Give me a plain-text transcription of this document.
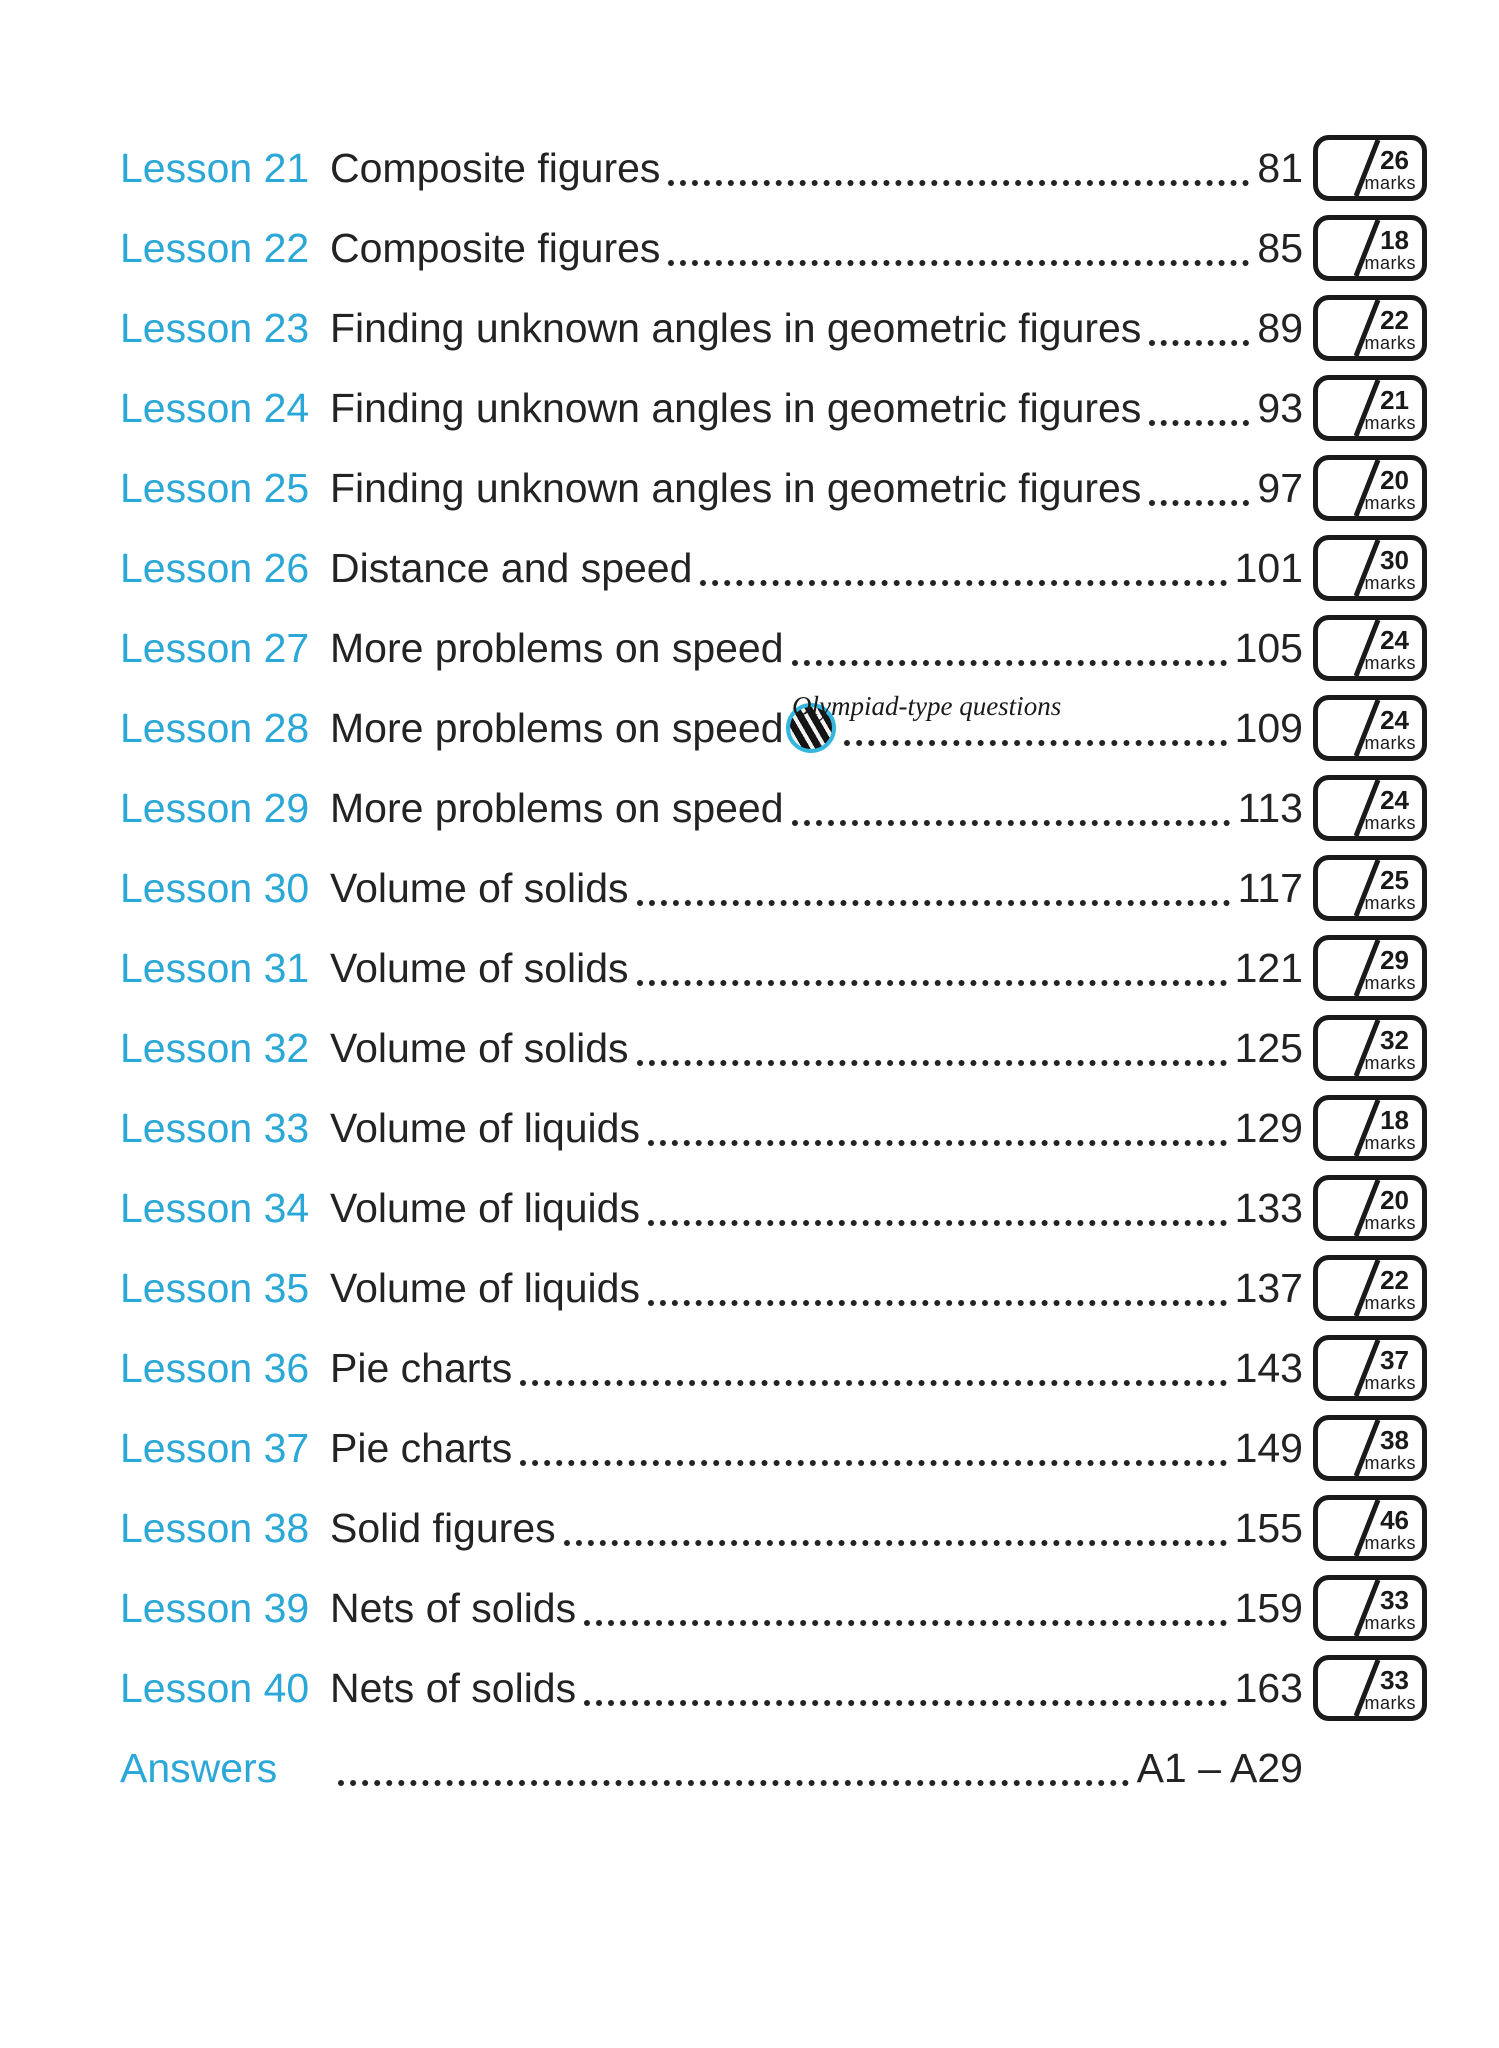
Lesson 21 Composite figures	81	26
marks
Lesson 22 Composite figures	85	18
marks
Lesson 23 Finding unknown angles in geometric figures	89	22
marks
Lesson 24 Finding unknown angles in geometric figures	93	21
marks
Lesson 25 Finding unknown angles in geometric figures	97	20
marks
Lesson 26 Distance and speed	101	30
marks
Lesson 27 More problems on speed	105	24
marks
Lesson 28 More problems on speed Olympiad-type questions	109	24
marks
Lesson 29 More problems on speed	113	24
marks
Lesson 30 Volume of solids	117	25
marks
Lesson 31 Volume of solids	121	29
marks
Lesson 32 Volume of solids	125	32
marks
Lesson 33 Volume of liquids	129	18
marks
Lesson 34 Volume of liquids	133	20
marks
Lesson 35 Volume of liquids	137	22
marks
Lesson 36 Pie charts	143	37
marks
Lesson 37 Pie charts	149	38
marks
Lesson 38 Solid figures	155	46
marks
Lesson 39 Nets of solids	159	33
marks
Lesson 40 Nets of solids	163	33
marks
Answers	A1 – A29
